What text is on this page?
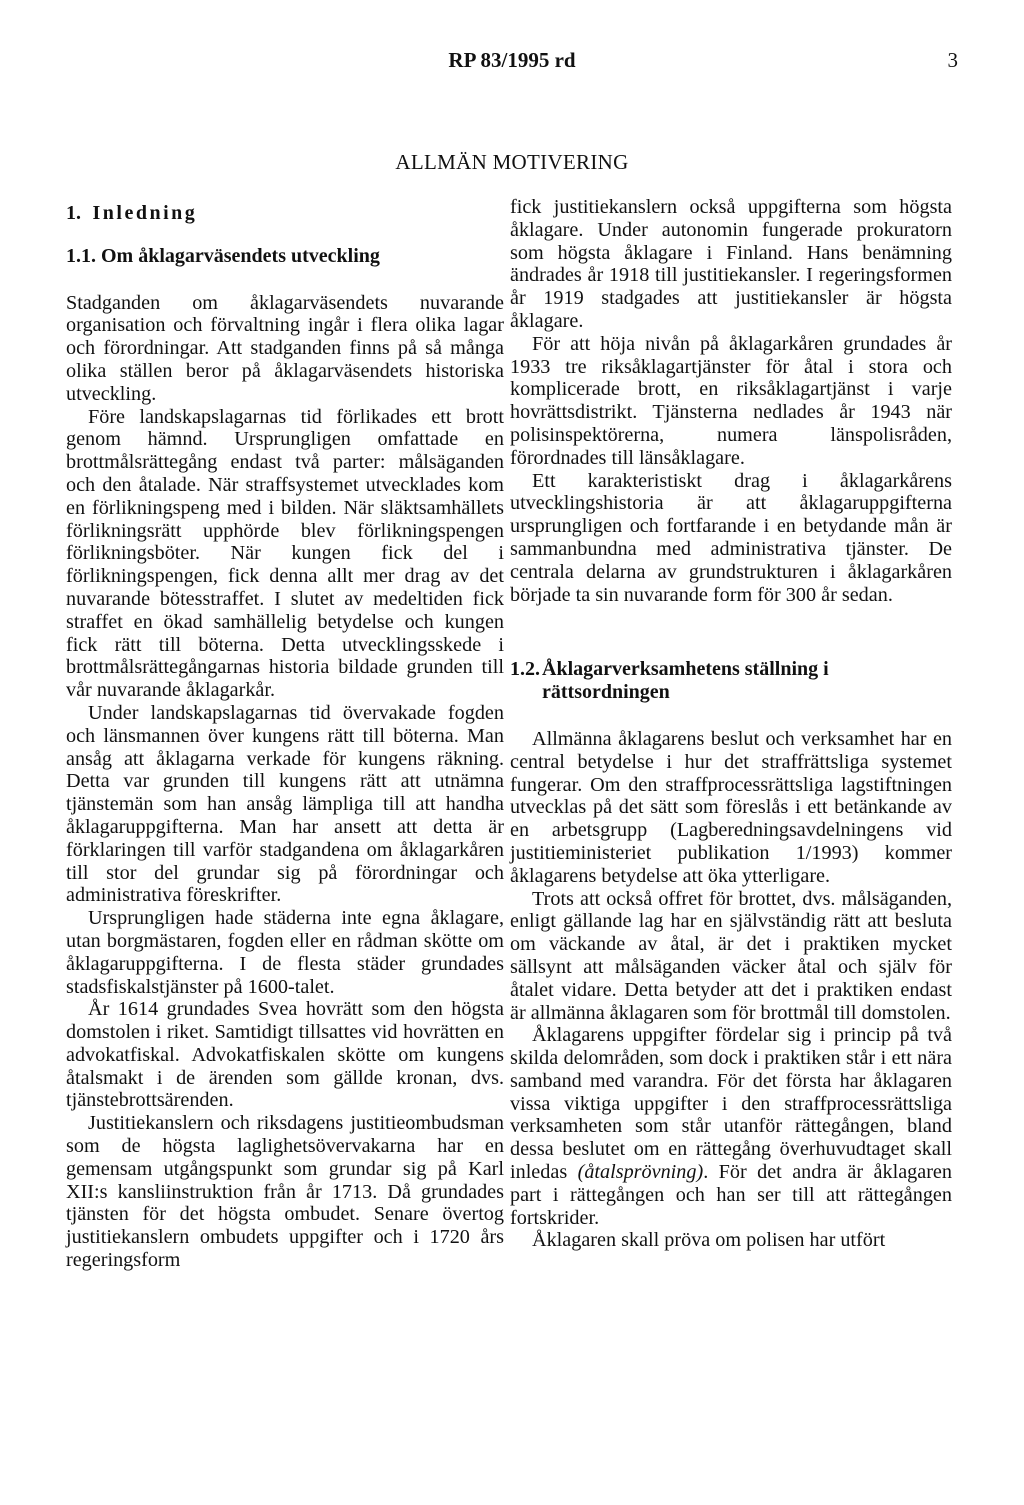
RP 83/1995 rd	3
ALLMÄN MOTIVERING
1. Inledning
1.1. Om åklagarväsendets utveckling

Stadganden om åklagarväsendets nuvarande organisation och förvaltning ingår i flera olika lagar och förordningar. Att stadganden finns på så många olika ställen beror på åklagarväsendets historiska utveckling.

Före landskapslagarnas tid förlikades ett brott genom hämnd. Ursprungligen omfattade en brottmålsrättegång endast två parter: målsäganden och den åtalade. När straffsystemet utvecklades kom en förlikningspeng med i bilden. När släktsamhällets förlikningsrätt upphörde blev förlikningspengen förlikningsböter. När kungen fick del i förlikningspengen, fick denna allt mer drag av det nuvarande bötesstraffet. I slutet av medeltiden fick straffet en ökad samhällelig betydelse och kungen fick rätt till böterna. Detta utvecklingsskede i brottmålsrättegångarnas historia bildade grunden till vår nuvarande åklagarkår.

Under landskapslagarnas tid övervakade fogden och länsmannen över kungens rätt till böterna. Man ansåg att åklagarna verkade för kungens räkning. Detta var grunden till kungens rätt att utnämna tjänstemän som han ansåg lämpliga till att handha åklagaruppgifterna. Man har ansett att detta är förklaringen till varför stadgandena om åklagarkåren till stor del grundar sig på förordningar och administrativa föreskrifter.

Ursprungligen hade städerna inte egna åklagare, utan borgmästaren, fogden eller en rådman skötte om åklagaruppgifterna. I de flesta städer grundades stadsfiskalstjänster på 1600-talet.

År 1614 grundades Svea hovrätt som den högsta domstolen i riket. Samtidigt tillsattes vid hovrätten en advokatfiskal. Advokatfiskalen skötte om kungens åtalsmakt i de ärenden som gällde kronan, dvs. tjänstebrottsärenden.

Justitiekanslern och riksdagens justitieombudsman som de högsta laglighetsövervakarna har en gemensam utgångspunkt som grundar sig på Karl XII:s kansliinstruktion från år 1713. Då grundades tjänsten för det högsta ombudet. Senare övertog justitiekanslern ombudets uppgifter och i 1720 års regeringsform

fick justitiekanslern också uppgifterna som högsta åklagare. Under autonomin fungerade prokuratorn som högsta åklagare i Finland. Hans benämning ändrades år 1918 till justitiekansler. I regeringsformen år 1919 stadgades att justitiekansler är högsta åklagare.

För att höja nivån på åklagarkåren grundades år 1933 tre riksåklagartjänster för åtal i stora och komplicerade brott, en riksåklagartjänst i varje hovrättsdistrikt. Tjänsterna nedlades år 1943 när polisinspektörerna, numera länspolisråden, förordnades till länsåklagare.

Ett karakteristiskt drag i åklagarkårens utvecklingshistoria är att åklagaruppgifterna ursprungligen och fortfarande i en betydande mån är sammanbundna med administrativa tjänster. De centrala delarna av grundstrukturen i åklagarkåren började ta sin nuvarande form för 300 år sedan.

1.2. Åklagarverksamhetens ställning i rättsordningen

Allmänna åklagarens beslut och verksamhet har en central betydelse i hur det straffrättsliga systemet fungerar. Om den straffprocessrättsliga lagstiftningen utvecklas på det sätt som föreslås i ett betänkande av en arbetsgrupp (Lagberedningsavdelningens vid justitieministeriet publikation 1/1993) kommer åklagarens betydelse att öka ytterligare.

Trots att också offret för brottet, dvs. målsäganden, enligt gällande lag har en självständig rätt att besluta om väckande av åtal, är det i praktiken mycket sällsynt att målsäganden väcker åtal och själv för åtalet vidare. Detta betyder att det i praktiken endast är allmänna åklagaren som för brottmål till domstolen.

Åklagarens uppgifter fördelar sig i princip på två skilda delområden, som dock i praktiken står i ett nära samband med varandra. För det första har åklagaren vissa viktiga uppgifter i den straffprocessrättsliga verksamheten som står utanför rättegången, bland dessa beslutet om en rättegång överhuvudtaget skall inledas (åtalsprövning). För det andra är åklagaren part i rättegången och han ser till att rättegången fortskrider.

Åklagaren skall pröva om polisen har utfört
